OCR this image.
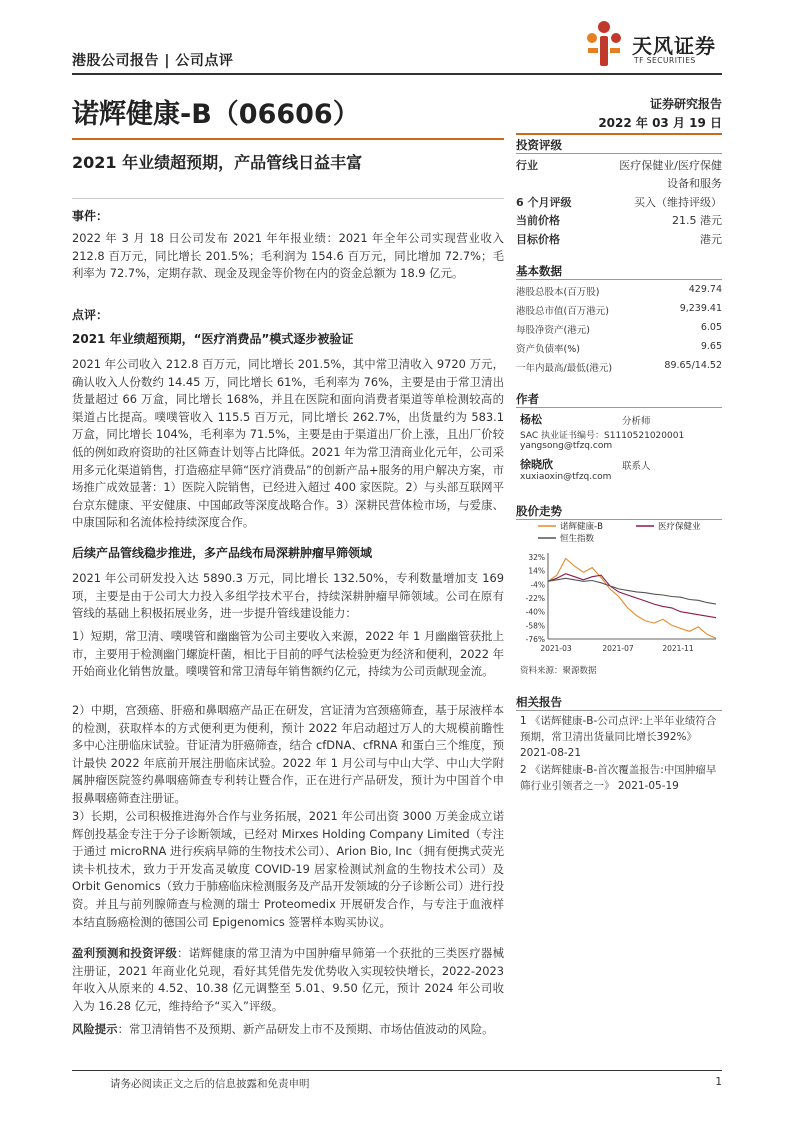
港股公司报告 | 公司点评
天风证券
TF SECURITIES
诺辉健康-B（06606）	证券研究报告
2022 年 03 月 19 日
2021 年业绩超预期，产品管线日益丰富
事件：

2022 年 3 月 18 日公司发布 2021 年年报业绩：2021 年全年公司实现营业收入 212.8 百万元，同比增长 201.5%；毛利润为 154.6 百万元，同比增加 72.7%；毛利率为 72.7%，定期存款、现金及现金等价物在内的资金总额为 18.9 亿元。

点评：
2021 年业绩超预期，“医疗消费品”模式逐步被验证

2021 年公司收入 212.8 百万元，同比增长 201.5%，其中常卫清收入 9720 万元，确认收入人份数约 14.45 万，同比增长 61%，毛利率为 76%，主要是由于常卫清出货量超过 66 万盒，同比增长 168%，并且在医院和面向消费者渠道等单检测较高的渠道占比提高。噗噗管收入 115.5 百万元，同比增长 262.7%，出货量约为 583.1 万盒，同比增长 104%，毛利率为 71.5%，主要是由于渠道出厂价上涨，且出厂价较低的例如政府资助的社区筛查计划等占比降低。2021 年为常卫清商业化元年，公司采用多元化渠道销售，打造癌症早筛“医疗消费品”的创新产品+服务的用户解决方案，市场推广成效显著：1）医院入院销售，已经进入超过 400 家医院。2）与头部互联网平台京东健康、平安健康、中国邮政等深度战略合作。3）深耕民营体检市场，与爱康、中康国际和名流体检持续深度合作。

后续产品管线稳步推进，多产品线布局深耕肿瘤早筛领域

2021 年公司研发投入达 5890.3 万元，同比增长 132.50%，专利数量增加支 169 项，主要是由于公司大力投入多组学技术平台，持续深耕肿瘤早筛领域。公司在原有管线的基础上积极拓展业务，进一步提升管线建设能力：

1）短期，常卫清、噗噗管和幽幽管为公司主要收入来源，2022 年 1 月幽幽管获批上市，主要用于检测幽门螺旋杆菌，相比于目前的呼气法检验更为经济和便利，2022 年开始商业化销售放量。噗噗管和常卫清每年销售额约亿元，持续为公司贡献现金流。

2）中期，宫颈癌、肝癌和鼻咽癌产品正在研发，宫证清为宫颈癌筛查，基于尿液样本的检测，获取样本的方式便利更为便利，预计 2022 年启动超过万人的大规模前瞻性多中心注册临床试验。苷证清为肝癌筛查，结合 cfDNA、cfRNA 和蛋白三个维度，预计最快 2022 年底前开展注册临床试验。2022 年 1 月公司与中山大学、中山大学附属肿瘤医院签约鼻咽癌筛查专利转让暨合作，正在进行产品研发，预计为中国首个申报鼻咽癌筛查注册证。

3）长期，公司积极推进海外合作与业务拓展，2021 年公司出资 3000 万美金成立诺辉创投基金专注于分子诊断领域，已经对 Mirxes Holding Company Limited（专注于通过 microRNA 进行疾病早筛的生物技术公司）、Arion Bio, Inc（拥有便携式荧光读卡机技术，致力于开发高灵敏度 COVID-19 居家检测试剂盒的生物技术公司）及 Orbit Genomics（致力于肺癌临床检测服务及产品开发领域的分子诊断公司）进行投资。并且与前列腺筛查与检测的瑞士 Proteomedix 开展研发合作，与专注于血液样本结直肠癌检测的德国公司 Epigenomics 签署样本购买协议。

盈利预测和投资评级：诺辉健康的常卫清为中国肿瘤早筛第一个获批的三类医疗器械注册证，2021 年商业化兑现，看好其凭借先发优势收入实现较快增长，2022-2023 年收入从原来的 4.52、10.38 亿元调整至 5.01、9.50 亿元，预计 2024 年公司收入为 16.28 亿元，维持给予“买入”评级。

风险提示：常卫清销售不及预期、新产品研发上市不及预期、市场估值波动的风险。

投资评级
行业	医疗保健业/医疗保健
设备和服务
6 个月评级	买入（维持评级）
当前价格	21.5 港元
目标价格	港元
基本数据
港股总股本(百万股)	429.74
港股总市值(百万港元)	9,239.41
每股净资产(港元)	6.05
资产负债率(%)	9.65
一年内最高/最低(港元)	89.65/14.52
作者
杨松	分析师
SAC 执业证书编号：S1110521020001
yangsong@tfzq.com
徐晓欣	联系人
xuxiaoxin@tfzq.com
股价走势
诺辉健康-B	医疗保健业
恒生指数
32%
14%
-4%
-22%
-40%
-58%
-76%
2021-03	2021-07	2021-11
资料来源：聚源数据
相关报告
1 《诺辉健康-B-公司点评:上半年业绩符合预期，常卫清出货量同比增长392%》 2021-08-21
2 《诺辉健康-B-首次覆盖报告:中国肿瘤早筛行业引领者之一》 2021-05-19
请务必阅读正文之后的信息披露和免责申明	1
